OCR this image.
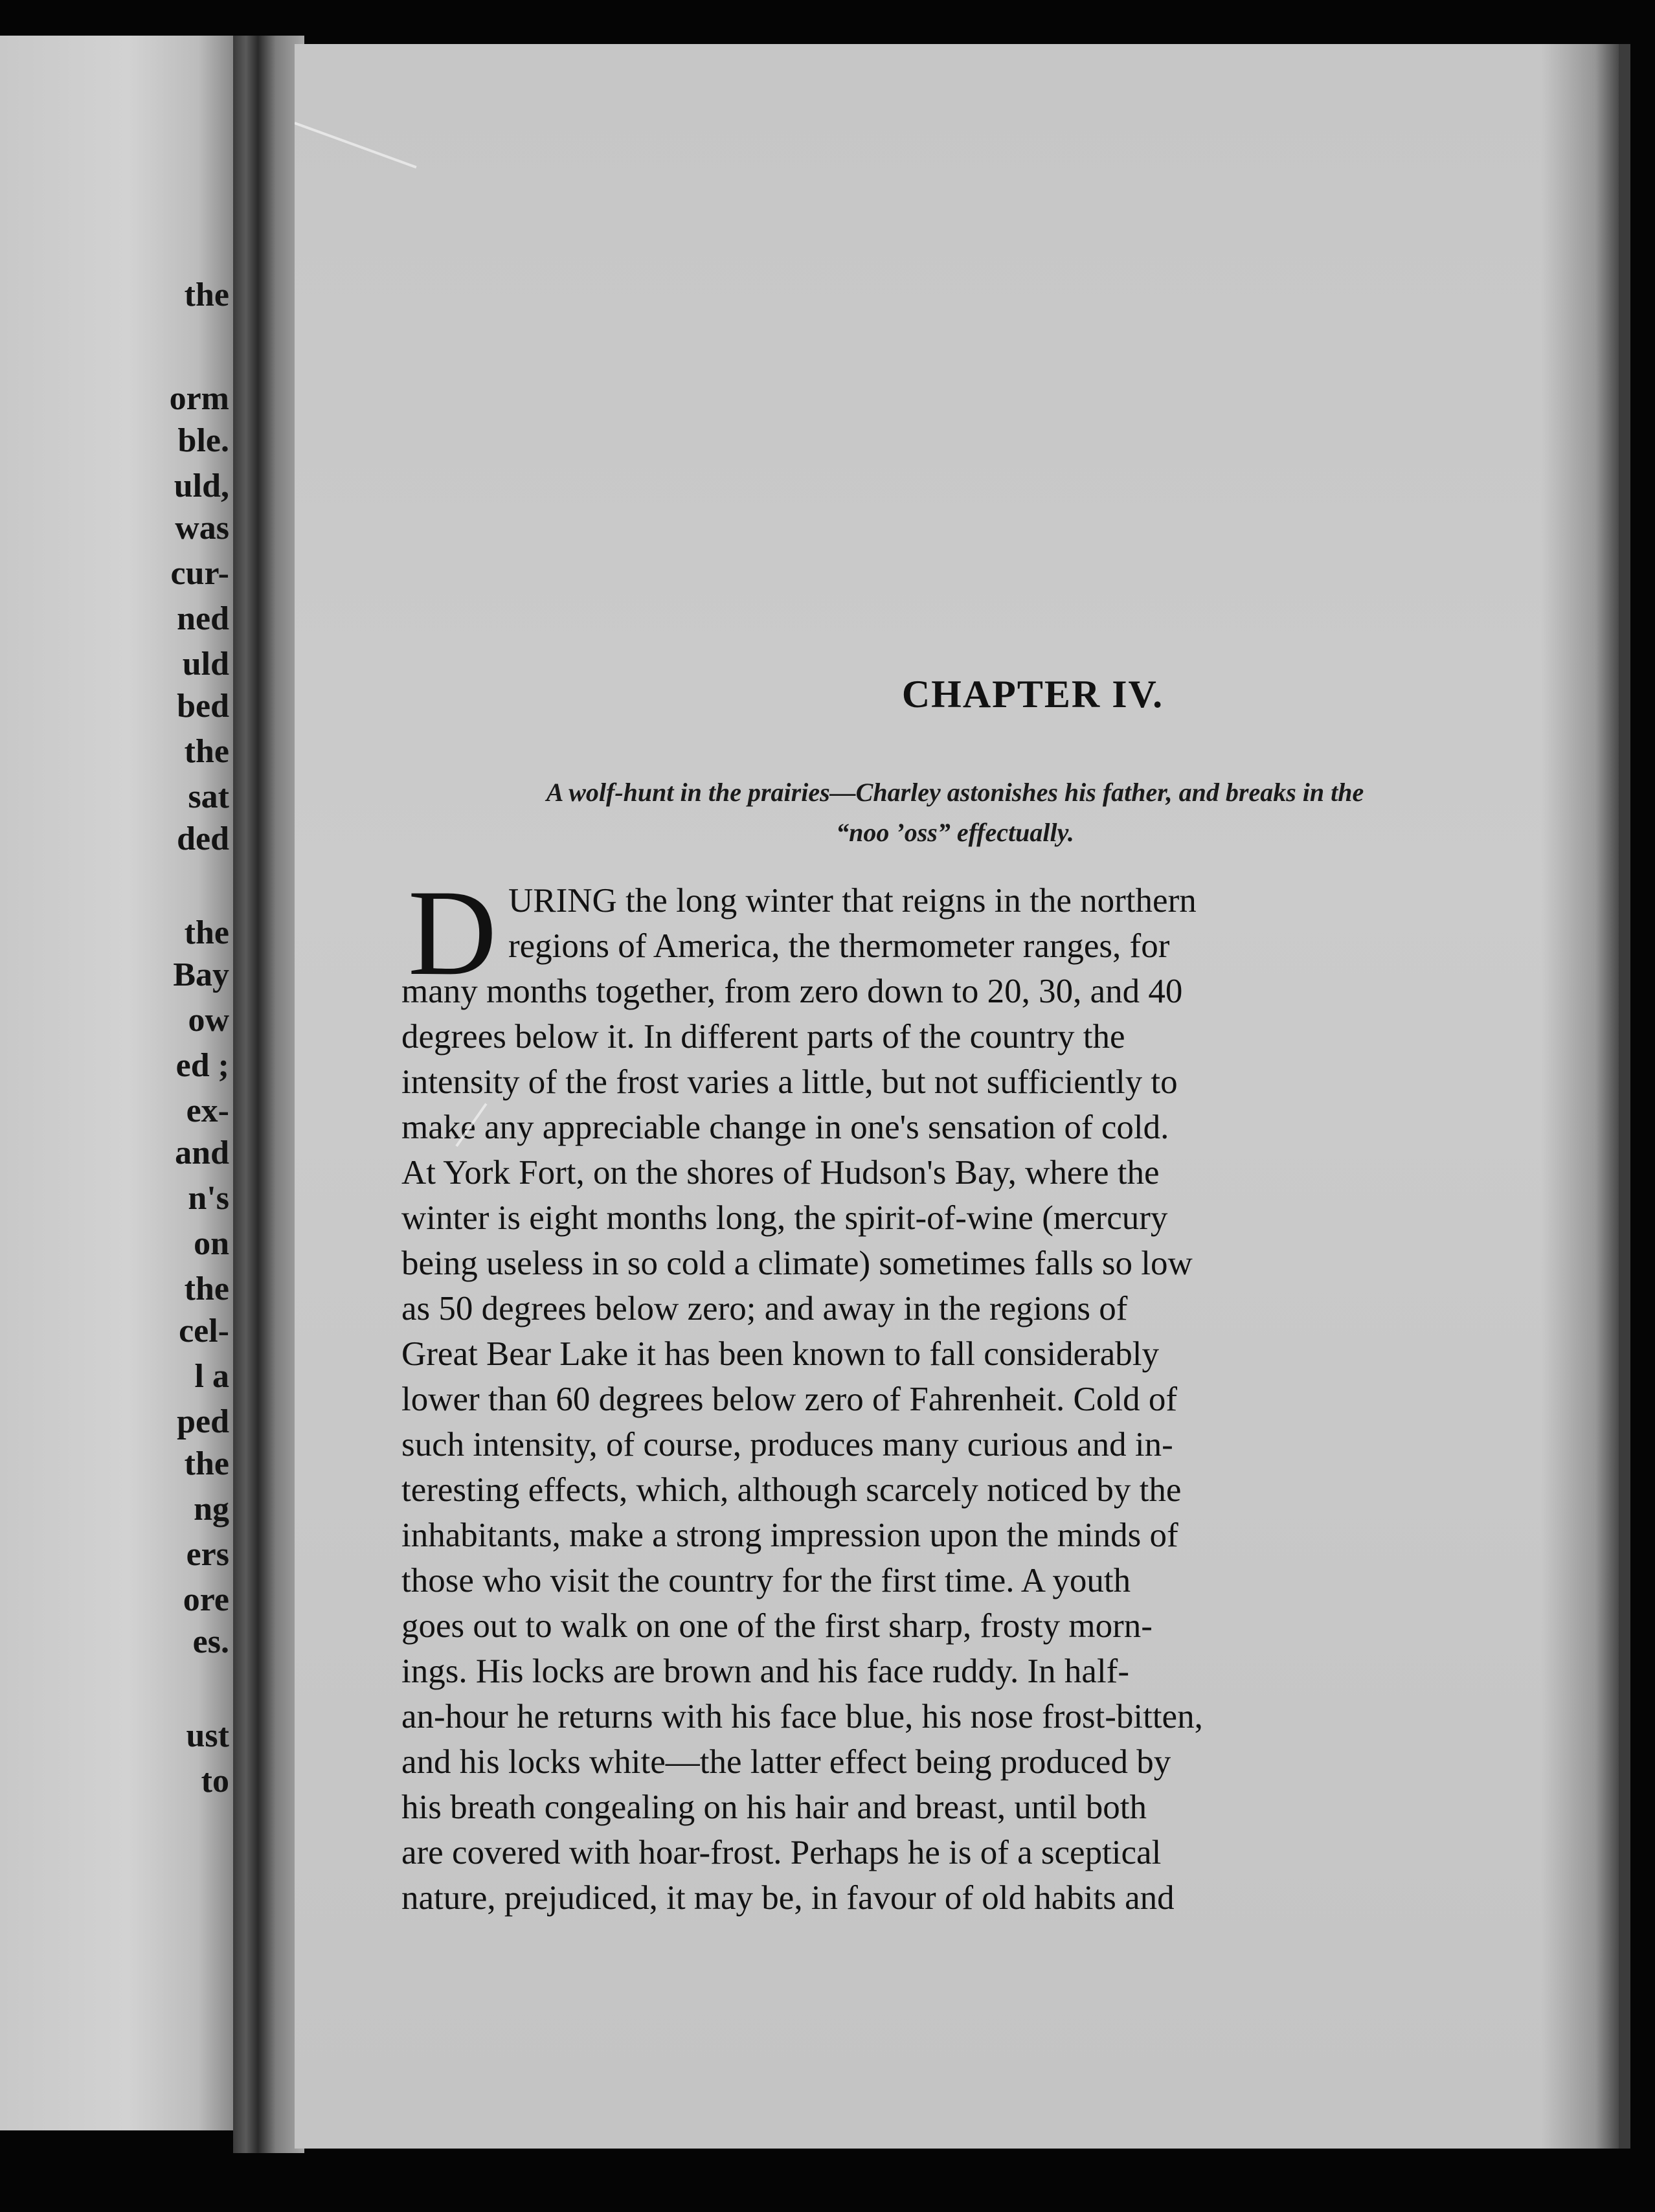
the
orm
ble.
uld,
was
cur-
ned
uld
bed
the
sat
ded
the
Bay
ow
ed ;
ex-
and
n's
on
the
cel-
l a
ped
the
ng
ers
ore
es.
ust
to
CHAPTER IV.
A wolf-hunt in the prairies—Charley astonishes his father, and breaks in the
“noo ’oss” effectually.
D URING the long winter that reigns in the northern
regions of America, the thermometer ranges, for
many months together, from zero down to 20, 30, and 40
degrees below it. In different parts of the country the
intensity of the frost varies a little, but not sufficiently to
make any appreciable change in one's sensation of cold.
At York Fort, on the shores of Hudson's Bay, where the
winter is eight months long, the spirit-of-wine (mercury
being useless in so cold a climate) sometimes falls so low
as 50 degrees below zero; and away in the regions of
Great Bear Lake it has been known to fall considerably
lower than 60 degrees below zero of Fahrenheit. Cold of
such intensity, of course, produces many curious and in-
teresting effects, which, although scarcely noticed by the
inhabitants, make a strong impression upon the minds of
those who visit the country for the first time. A youth
goes out to walk on one of the first sharp, frosty morn-
ings. His locks are brown and his face ruddy. In half-
an-hour he returns with his face blue, his nose frost-bitten,
and his locks white—the latter effect being produced by
his breath congealing on his hair and breast, until both
are covered with hoar-frost. Perhaps he is of a sceptical
nature, prejudiced, it may be, in favour of old habits and
